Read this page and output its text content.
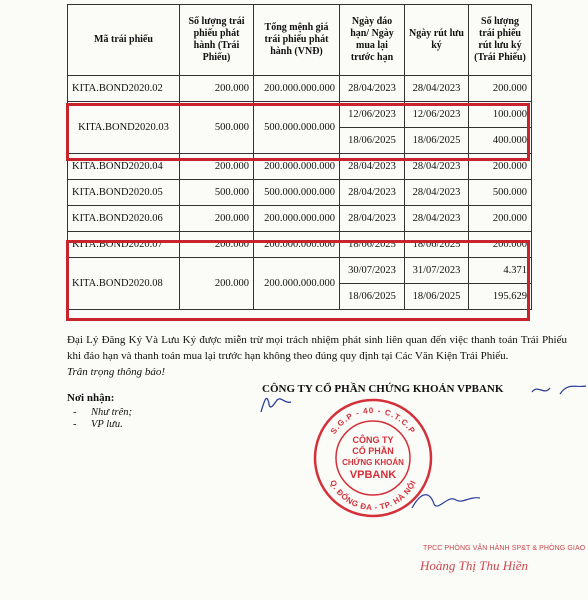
Mã trái phiếu	Số lượng trái phiếu phát hành (Trái Phiếu)	Tổng mệnh giá trái phiếu phát hành (VNĐ)	Ngày đáo hạn/ Ngày mua lại trước hạn	Ngày rút lưu ký	Số lượng trái phiếu rút lưu ký (Trái Phiếu)
KITA.BOND2020.02	200.000	200.000.000.000	28/04/2023	28/04/2023	200.000
KITA.BOND2020.03	500.000	500.000.000.000	12/06/2023	12/06/2023	100.000
			18/06/2025	18/06/2025	400.000
KITA.BOND2020.04	200.000	200.000.000.000	28/04/2023	28/04/2023	200.000
KITA.BOND2020.05	500.000	500.000.000.000	28/04/2023	28/04/2023	500.000
KITA.BOND2020.06	200.000	200.000.000.000	28/04/2023	28/04/2023	200.000
KITA.BOND2020.07	200.000	200.000.000.000	18/06/2025	18/06/2025	200.000
KITA.BOND2020.08	200.000	200.000.000.000	30/07/2023	31/07/2023	4.371
			18/06/2025	18/06/2025	195.629
Đại Lý Đăng Ký Và Lưu Ký được miễn trừ mọi trách nhiệm phát sinh liên quan đến việc thanh toán Trái Phiếu khi đáo hạn và thanh toán mua lại trước hạn không theo đúng quy định tại Các Văn Kiện Trái Phiếu.
Trân trọng thông báo!
CÔNG TY CỔ PHẦN CHỨNG KHOÁN VPBANK
Nơi nhận:
- Như trên;
- VP lưu.
S.G.P - 40 - C.T.C.P
Q. ĐỐNG ĐA - TP. HÀ NỘI
CÔNG TY
CỔ PHẦN
CHỨNG KHOÁN
VPBANK
TPCC PHÒNG VẬN HÀNH SP&T & PHÒNG GIAO
Hoàng Thị Thu Hiền
